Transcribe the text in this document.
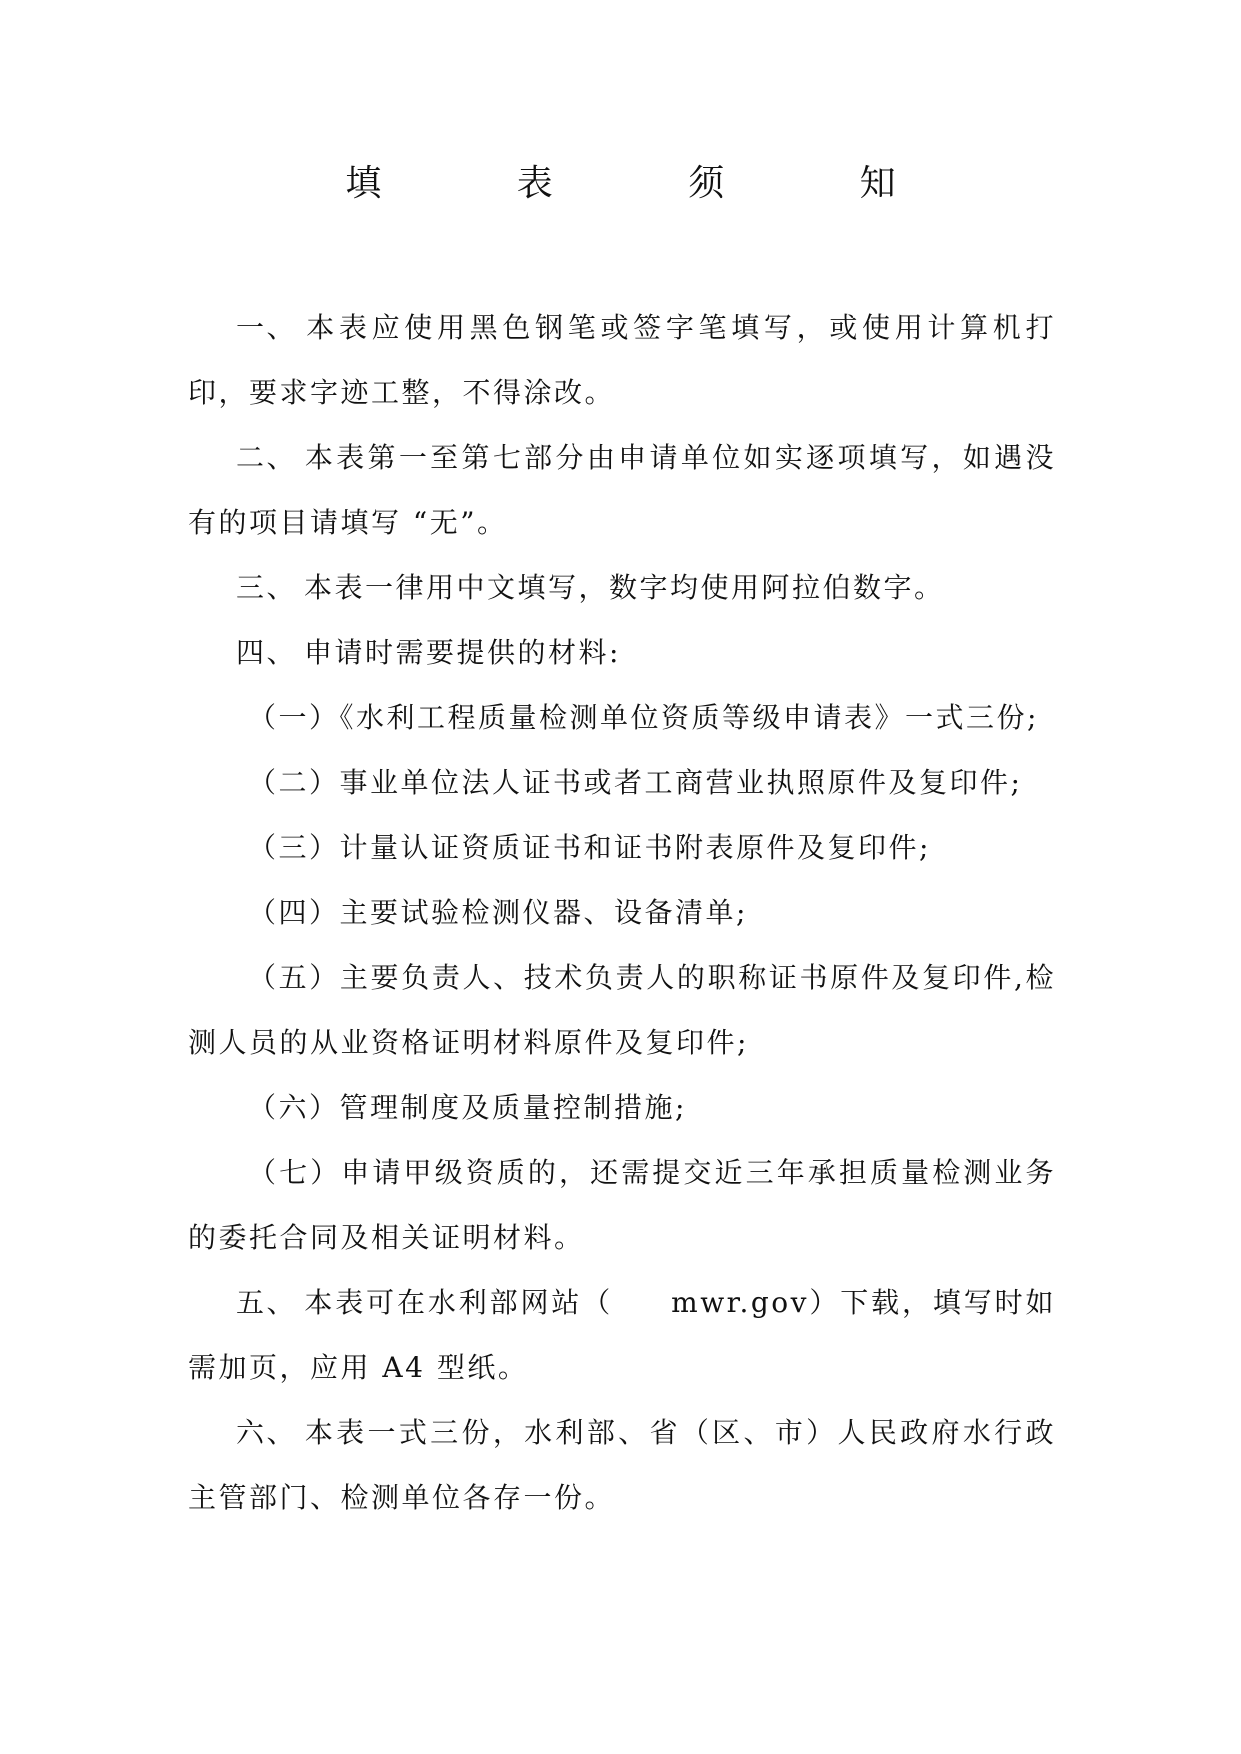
填 表 须 知

一、 本表应使用黑色钢笔或签字笔填写，或使用计算机打印，要求字迹工整，不得涂改。

二、 本表第一至第七部分由申请单位如实逐项填写，如遇没有的项目请填写 “无”。

三、 本表一律用中文填写，数字均使用阿拉伯数字。

四、 申请时需要提供的材料:

（一）《水利工程质量检测单位资质等级申请表》一式三份;

（二）事业单位法人证书或者工商营业执照原件及复印件;

（三）计量认证资质证书和证书附表原件及复印件;

（四）主要试验检测仪器、设备清单;

（五）主要负责人、技术负责人的职称证书原件及复印件,检测人员的从业资格证明材料原件及复印件;

（六）管理制度及质量控制措施;

（七）申请甲级资质的，还需提交近三年承担质量检测业务的委托合同及相关证明材料。

五、 本表可在水利部网站（ mwr.gov）下载，填写时如需加页，应用 A4 型纸。

六、 本表一式三份，水利部、省（区、市）人民政府水行政主管部门、检测单位各存一份。
